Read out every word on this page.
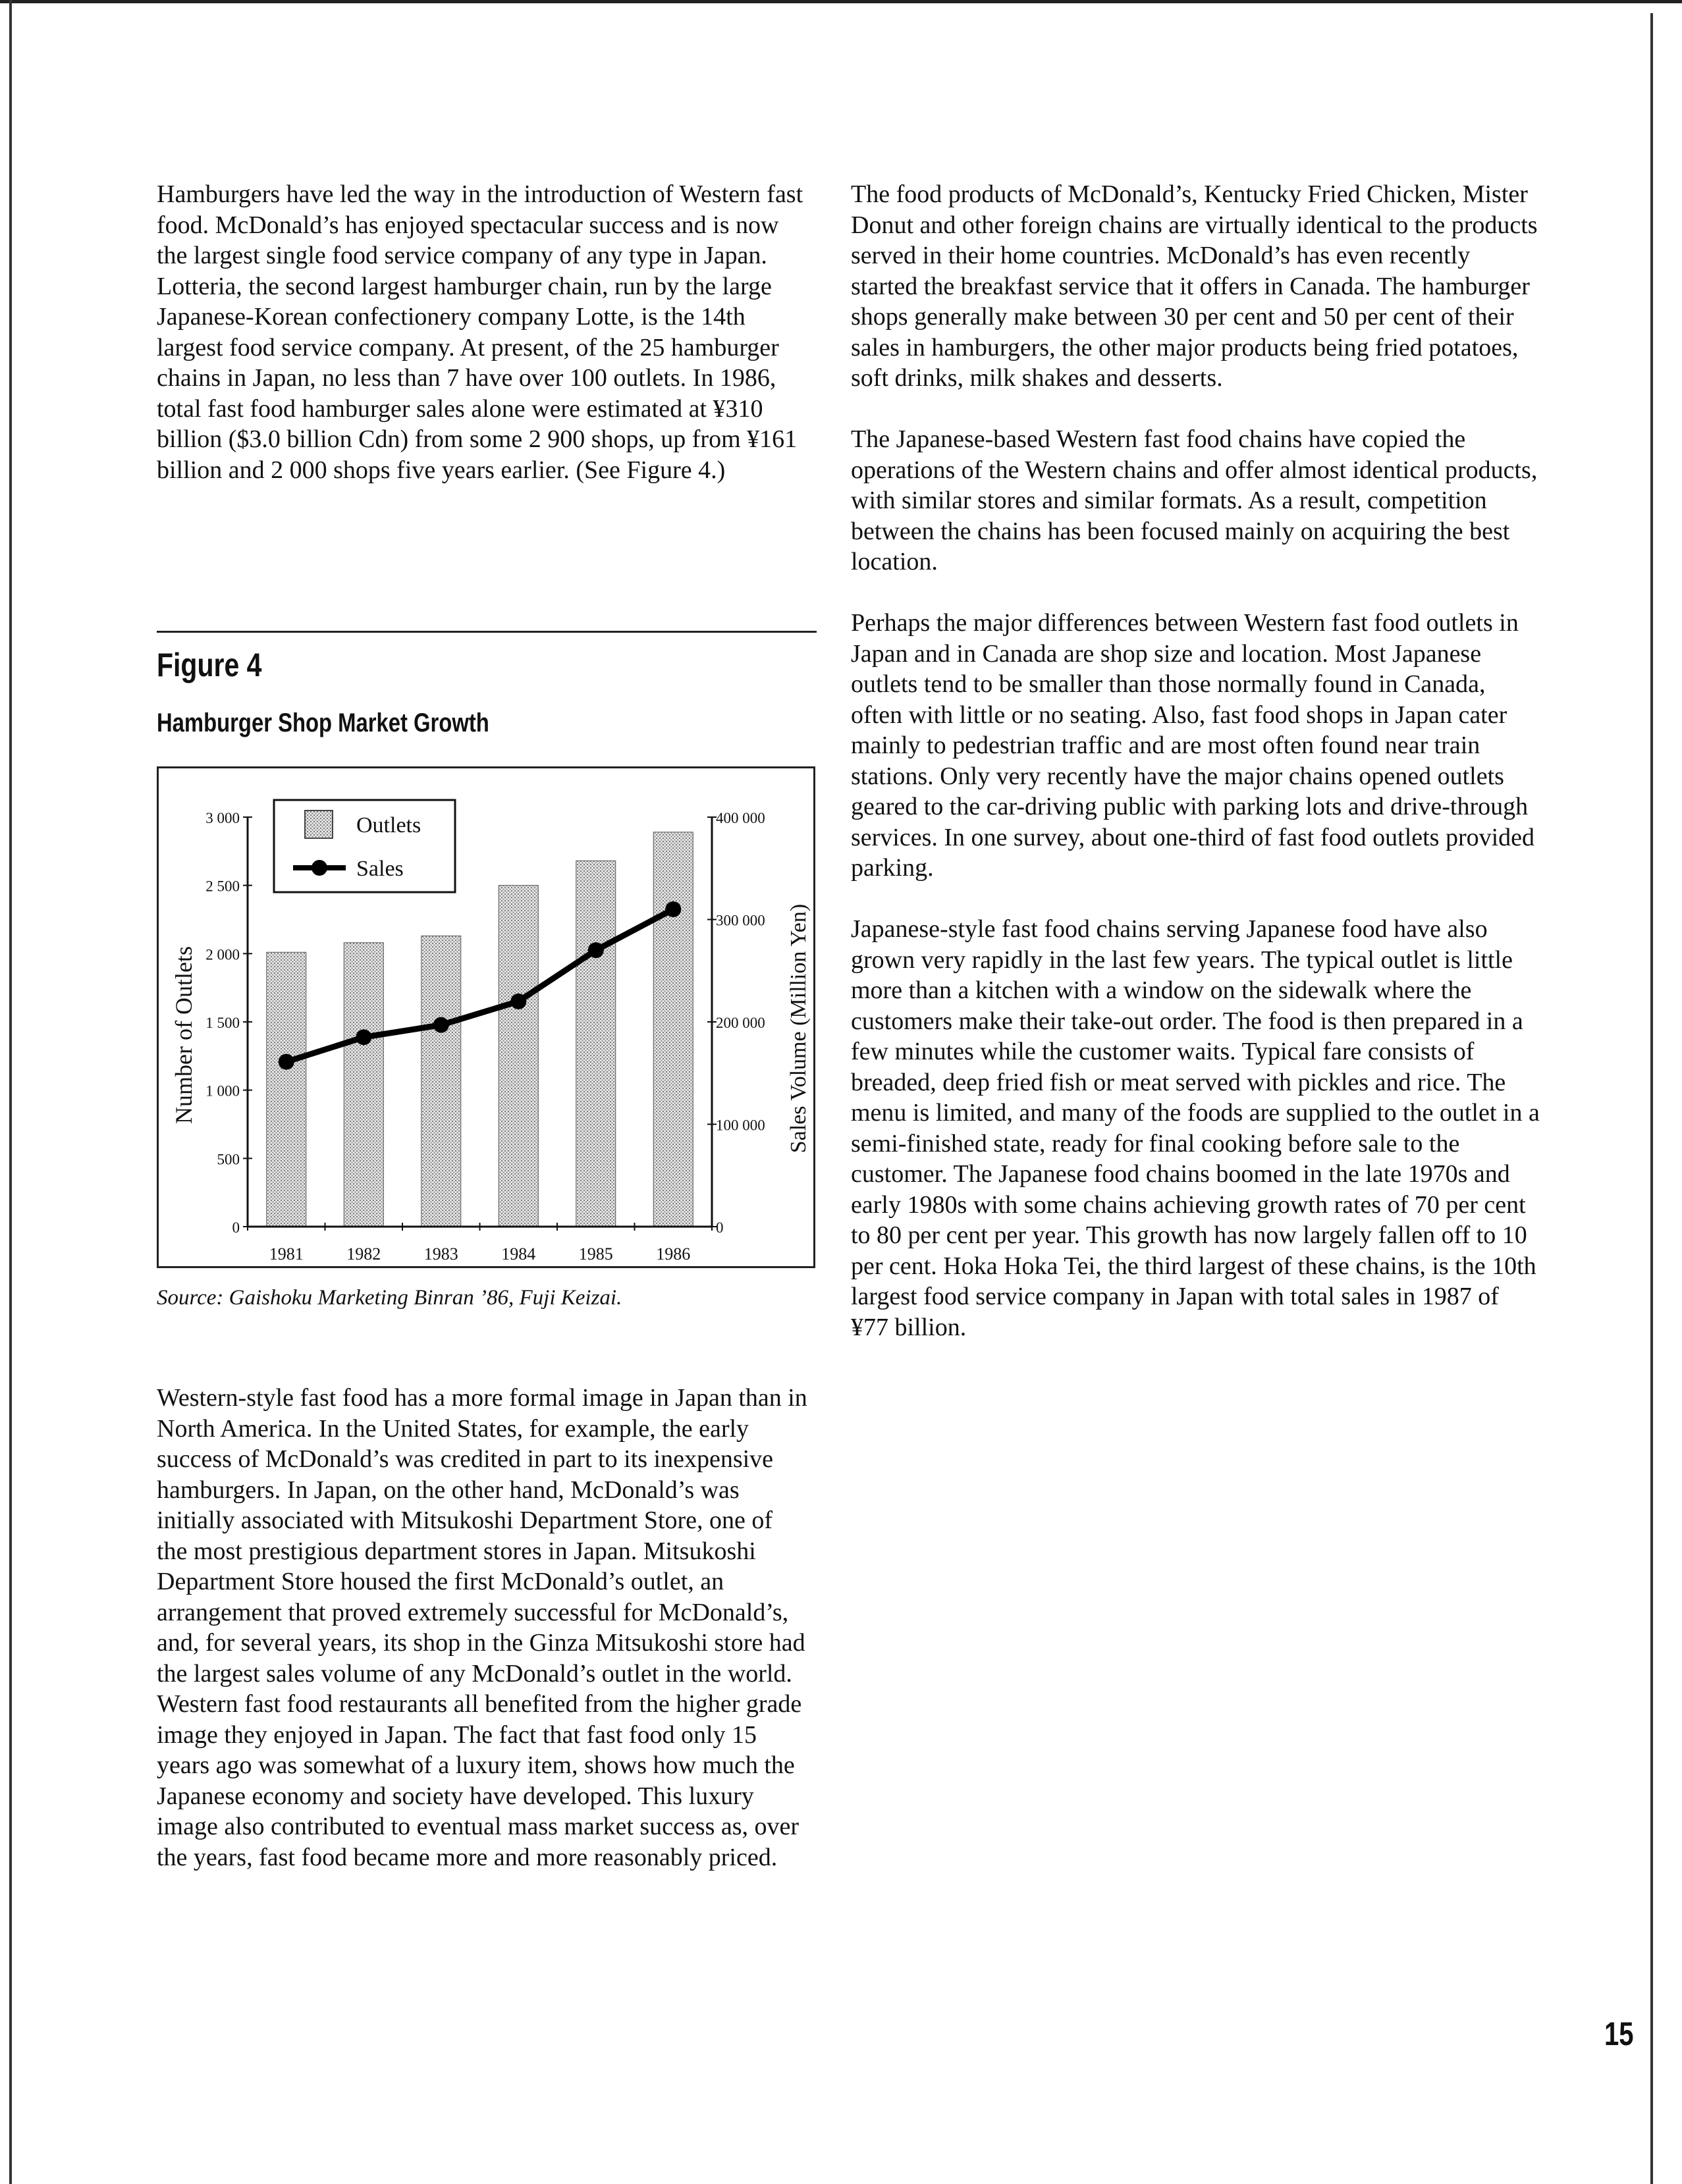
Hamburgers have led the way in the introduction of Western fast food. McDonald’s has enjoyed spectacular success and is now the largest single food service company of any type in Japan. Lotteria, the second largest hamburger chain, run by the large Japanese-Korean confectionery company Lotte, is the 14th largest food service company. At present, of the 25 hamburger chains in Japan, no less than 7 have over 100 outlets. In 1986, total fast food hamburger sales alone were estimated at ¥310 billion ($3.0 billion Cdn) from some 2 900 shops, up from ¥161 billion and 2 000 shops five years earlier. (See Figure 4.)

Figure 4
Hamburger Shop Market Growth
0
500
1 000
1 500
2 000
2 500
3 000
0
100 000
200 000
300 000
400 000
1981	1982	1983	1984	1985	1986
Number of Outlets	Sales Volume (Million Yen)
Outlets
Sales
Source: Gaishoku Marketing Binran ’86, Fuji Keizai.

Western-style fast food has a more formal image in Japan than in North America. In the United States, for example, the early success of McDonald’s was credited in part to its inexpensive hamburgers. In Japan, on the other hand, McDonald’s was initially associated with Mitsukoshi Department Store, one of the most prestigious department stores in Japan. Mitsukoshi Department Store housed the first McDonald’s outlet, an arrangement that proved extremely successful for McDonald’s, and, for several years, its shop in the Ginza Mitsukoshi store had the largest sales volume of any McDonald’s outlet in the world. Western fast food restaurants all benefited from the higher grade image they enjoyed in Japan. The fact that fast food only 15 years ago was somewhat of a luxury item, shows how much the Japanese economy and society have developed. This luxury image also contributed to eventual mass market success as, over the years, fast food became more and more reasonably priced.

The food products of McDonald’s, Kentucky Fried Chicken, Mister Donut and other foreign chains are virtually identical to the products served in their home countries. McDonald’s has even recently started the breakfast service that it offers in Canada. The hamburger shops generally make between 30 per cent and 50 per cent of their sales in hamburgers, the other major products being fried potatoes, soft drinks, milk shakes and desserts.

The Japanese-based Western fast food chains have copied the operations of the Western chains and offer almost identical products, with similar stores and similar formats. As a result, competition between the chains has been focused mainly on acquiring the best location.

Perhaps the major differences between Western fast food outlets in Japan and in Canada are shop size and location. Most Japanese outlets tend to be smaller than those normally found in Canada, often with little or no seating. Also, fast food shops in Japan cater mainly to pedestrian traffic and are most often found near train stations. Only very recently have the major chains opened outlets geared to the car-driving public with parking lots and drive-through services. In one survey, about one-third of fast food outlets provided parking.

Japanese-style fast food chains serving Japanese food have also grown very rapidly in the last few years. The typical outlet is little more than a kitchen with a window on the sidewalk where the customers make their take-out order. The food is then prepared in a few minutes while the customer waits. Typical fare consists of breaded, deep fried fish or meat served with pickles and rice. The menu is limited, and many of the foods are supplied to the outlet in a semi-finished state, ready for final cooking before sale to the customer. The Japanese food chains boomed in the late 1970s and early 1980s with some chains achieving growth rates of 70 per cent to 80 per cent per year. This growth has now largely fallen off to 10 per cent. Hoka Hoka Tei, the third largest of these chains, is the 10th largest food service company in Japan with total sales in 1987 of ¥77 billion.

15
